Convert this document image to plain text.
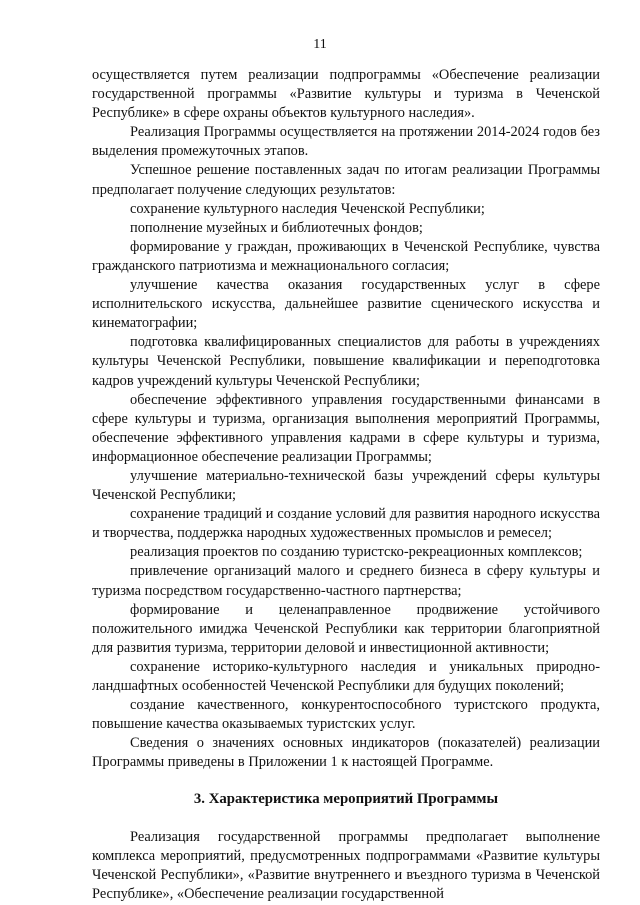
11

осуществляется путем реализации подпрограммы «Обеспечение реализации государственной программы «Развитие культуры и туризма в Чеченской Республике» в сфере охраны объектов культурного наследия».

Реализация Программы осуществляется на протяжении 2014-2024 годов без выделения промежуточных этапов.

Успешное решение поставленных задач по итогам реализации Программы предполагает получение следующих результатов:

сохранение культурного наследия Чеченской Республики;

пополнение музейных и библиотечных фондов;

формирование у граждан, проживающих в Чеченской Республике, чувства гражданского патриотизма и межнационального согласия;

улучшение качества оказания государственных услуг в сфере исполнительского искусства, дальнейшее развитие сценического искусства и кинематографии;

подготовка квалифицированных специалистов для работы в учреждениях культуры Чеченской Республики, повышение квалификации и переподготовка кадров учреждений культуры Чеченской Республики;

обеспечение эффективного управления государственными финансами в сфере культуры и туризма, организация выполнения мероприятий Программы, обеспечение эффективного управления кадрами в сфере культуры и туризма, информационное обеспечение реализации Программы;

улучшение материально-технической базы учреждений сферы культуры Чеченской Республики;

сохранение традиций и создание условий для развития народного искусства и творчества, поддержка народных художественных промыслов и ремесел;

реализация проектов по созданию туристско-рекреационных комплексов;

привлечение организаций малого и среднего бизнеса в сферу культуры и туризма посредством государственно-частного партнерства;

формирование и целенаправленное продвижение устойчивого положительного имиджа Чеченской Республики как территории благоприятной для развития туризма, территории деловой и инвестиционной активности;

сохранение историко-культурного наследия и уникальных природно-ландшафтных особенностей Чеченской Республики для будущих поколений;

создание качественного, конкурентоспособного туристского продукта, повышение качества оказываемых туристских услуг.

Сведения о значениях основных индикаторов (показателей) реализации Программы приведены в Приложении 1 к настоящей Программе.

3. Характеристика мероприятий Программы

Реализация государственной программы предполагает выполнение комплекса мероприятий, предусмотренных подпрограммами «Развитие культуры Чеченской Республики», «Развитие внутреннего и въездного туризма в Чеченской Республике», «Обеспечение реализации государственной
